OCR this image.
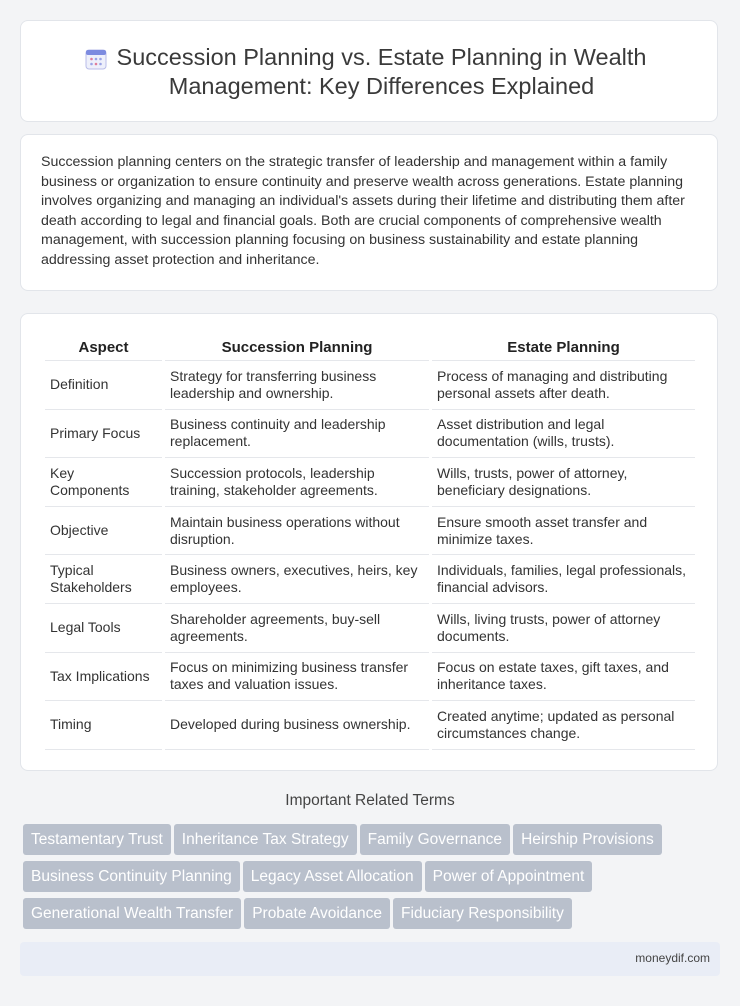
Succession Planning vs. Estate Planning in Wealth Management: Key Differences Explained

Succession planning centers on the strategic transfer of leadership and management within a family business or organization to ensure continuity and preserve wealth across generations. Estate planning involves organizing and managing an individual's assets during their lifetime and distributing them after death according to legal and financial goals. Both are crucial components of comprehensive wealth management, with succession planning focusing on business sustainability and estate planning addressing asset protection and inheritance.

Aspect	Succession Planning	Estate Planning
Definition	Strategy for transferring business leadership and ownership.	Process of managing and distributing personal assets after death.
Primary Focus	Business continuity and leadership replacement.	Asset distribution and legal documentation (wills, trusts).
Key Components	Succession protocols, leadership training, stakeholder agreements.	Wills, trusts, power of attorney, beneficiary designations.
Objective	Maintain business operations without disruption.	Ensure smooth asset transfer and minimize taxes.
Typical Stakeholders	Business owners, executives, heirs, key employees.	Individuals, families, legal professionals, financial advisors.
Legal Tools	Shareholder agreements, buy-sell agreements.	Wills, living trusts, power of attorney documents.
Tax Implications	Focus on minimizing business transfer taxes and valuation issues.	Focus on estate taxes, gift taxes, and inheritance taxes.
Timing	Developed during business ownership.	Created anytime; updated as personal circumstances change.
Important Related Terms
Testamentary Trust Inheritance Tax Strategy Family Governance Heirship Provisions
Business Continuity Planning Legacy Asset Allocation Power of Appointment
Generational Wealth Transfer Probate Avoidance Fiduciary Responsibility
moneydif.com
